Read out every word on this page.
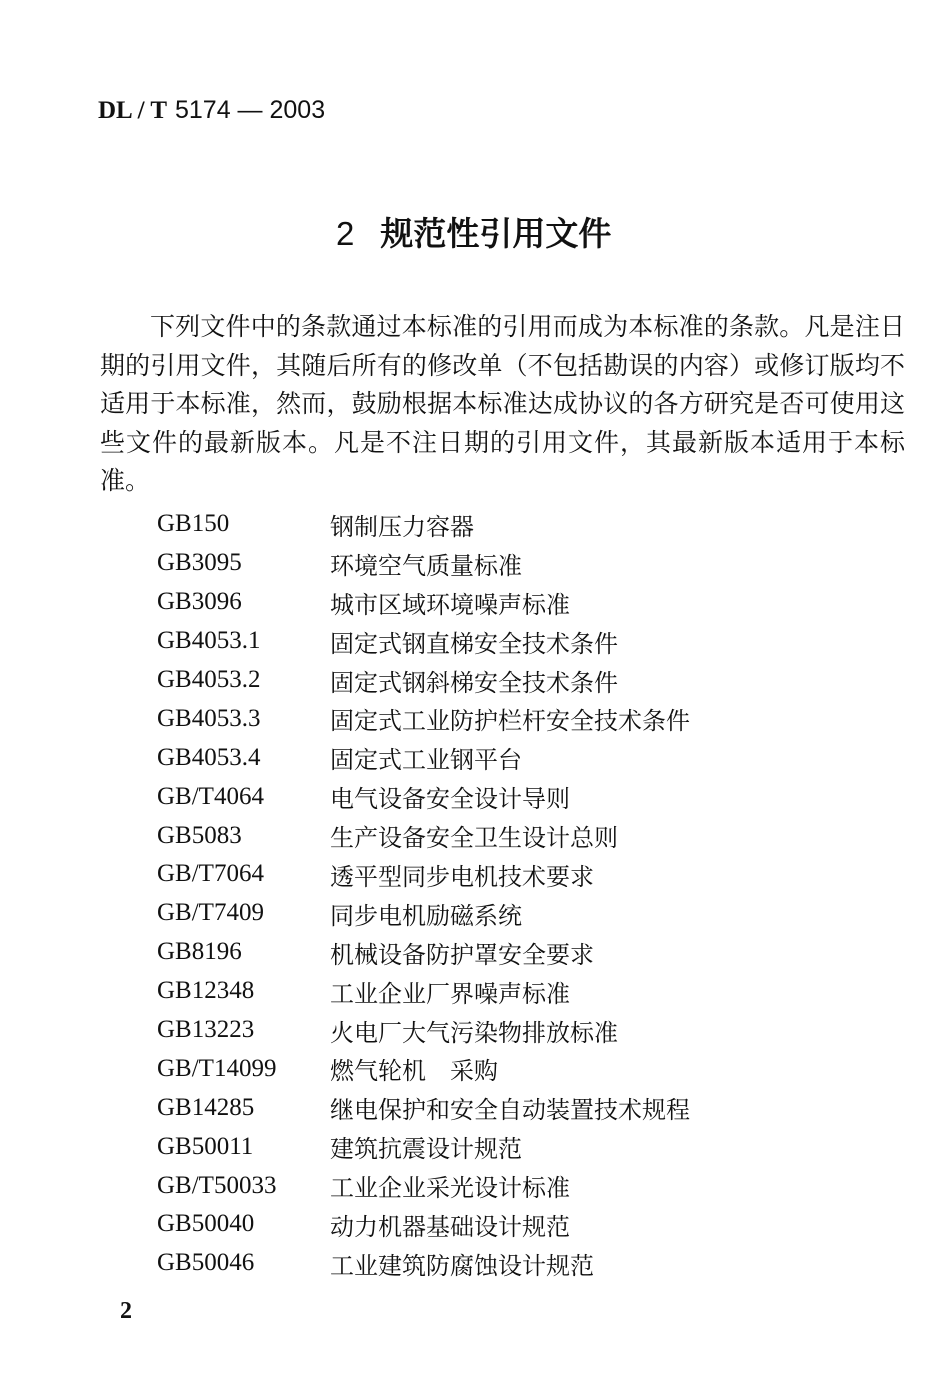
DL / T 5174 — 2003
2 规范性引用文件

下列文件中的条款通过本标准的引用而成为本标准的条款。凡是注日期的引用文件，其随后所有的修改单（不包括勘误的内容）或修订版均不适用于本标准，然而，鼓励根据本标准达成协议的各方研究是否可使用这些文件的最新版本。凡是不注日期的引用文件，其最新版本适用于本标准。

GB150	钢制压力容器
GB3095	环境空气质量标准
GB3096	城市区域环境噪声标准
GB4053.1	固定式钢直梯安全技术条件
GB4053.2	固定式钢斜梯安全技术条件
GB4053.3	固定式工业防护栏杆安全技术条件
GB4053.4	固定式工业钢平台
GB/T4064	电气设备安全设计导则
GB5083	生产设备安全卫生设计总则
GB/T7064	透平型同步电机技术要求
GB/T7409	同步电机励磁系统
GB8196	机械设备防护罩安全要求
GB12348	工业企业厂界噪声标准
GB13223	火电厂大气污染物排放标准
GB/T14099	燃气轮机　采购
GB14285	继电保护和安全自动装置技术规程
GB50011	建筑抗震设计规范
GB/T50033	工业企业采光设计标准
GB50040	动力机器基础设计规范
GB50046	工业建筑防腐蚀设计规范
2
